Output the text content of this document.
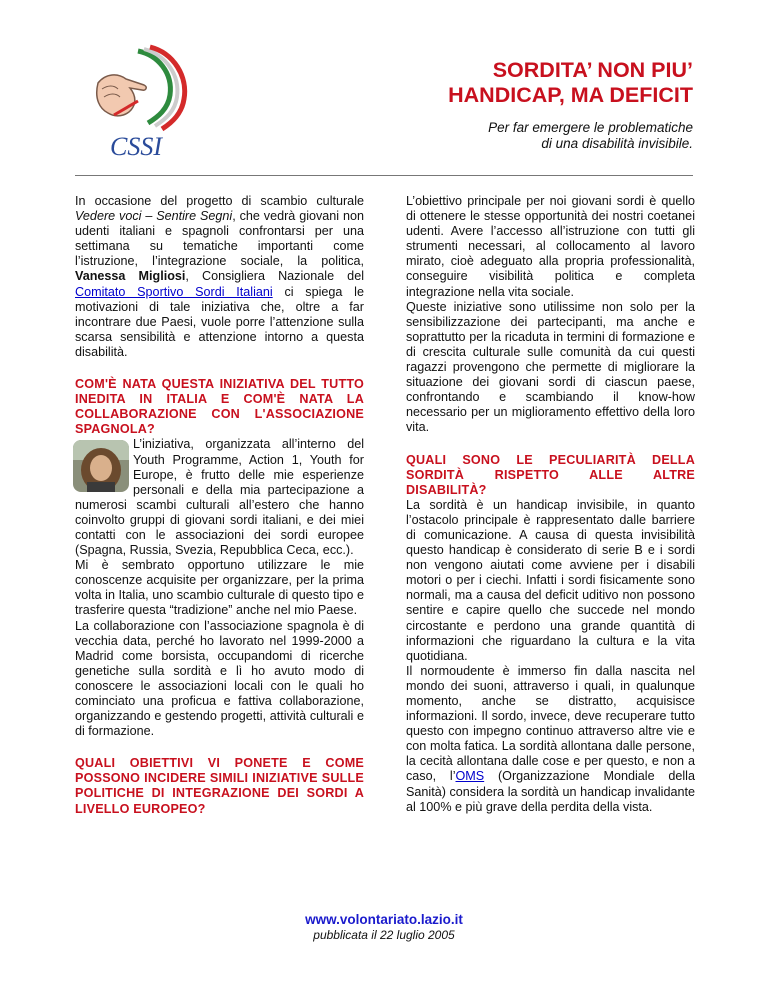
CSSI
SORDITA’ NON PIU’
HANDICAP, MA DEFICIT
Per far emergere le problematiche
di una disabilità invisibile.

In occasione del progetto di scambio culturale Vedere voci – Sentire Segni, che vedrà giovani non udenti italiani e spagnoli confrontarsi per una settimana su tematiche importanti come l’istruzione, l’integrazione sociale, la politica, Vanessa Migliosi, Consigliera Nazionale del Comitato Sportivo Sordi Italiani ci spiega le motivazioni di tale iniziativa che, oltre a far incontrare due Paesi, vuole porre l’attenzione sulla scarsa sensibilità e attenzione intorno a questa disabilità.

COM'È NATA QUESTA INIZIATIVA DEL TUTTO INEDITA IN ITALIA E COM'È NATA LA COLLABORAZIONE CON L'ASSOCIAZIONE SPAGNOLA?

L’iniziativa, organizzata all’interno del Youth Programme, Action 1, Youth for Europe, è frutto delle mie esperienze personali e della mia partecipazione a numerosi scambi culturali all’estero che hanno coinvolto gruppi di giovani sordi italiani, e dei miei contatti con le associazioni dei sordi europee (Spagna, Russia, Svezia, Repubblica Ceca, ecc.).

Mi è sembrato opportuno utilizzare le mie conoscenze acquisite per organizzare, per la prima volta in Italia, uno scambio culturale di questo tipo e trasferire questa “tradizione” anche nel mio Paese.

La collaborazione con l’associazione spagnola è di vecchia data, perché ho lavorato nel 1999-2000 a Madrid come borsista, occupandomi di ricerche genetiche sulla sordità e lì ho avuto modo di conoscere le associazioni locali con le quali ho cominciato una proficua e fattiva collaborazione, organizzando e gestendo progetti, attività culturali e di formazione.

QUALI OBIETTIVI VI PONETE E COME POSSONO INCIDERE SIMILI INIZIATIVE SULLE POLITICHE DI INTEGRAZIONE DEI SORDI A LIVELLO EUROPEO?

L’obiettivo principale per noi giovani sordi è quello di ottenere le stesse opportunità dei nostri coetanei udenti. Avere l’accesso all’istruzione con tutti gli strumenti necessari, al collocamento al lavoro mirato, cioè adeguato alla propria professionalità, conseguire visibilità politica e completa integrazione nella vita sociale.

Queste iniziative sono utilissime non solo per la sensibilizzazione dei partecipanti, ma anche e soprattutto per la ricaduta in termini di formazione e di crescita culturale sulle comunità da cui questi ragazzi provengono che permette di migliorare la situazione dei giovani sordi di ciascun paese, confrontando e scambiando il know-how necessario per un miglioramento effettivo della loro vita.

QUALI SONO LE PECULIARITÀ DELLA SORDITÀ RISPETTO ALLE ALTRE DISABILITÀ?

La sordità è un handicap invisibile, in quanto l’ostacolo principale è rappresentato dalle barriere di comunicazione. A causa di questa invisibilità questo handicap è considerato di serie B e i sordi non vengono aiutati come avviene per i disabili motori o per i ciechi. Infatti i sordi fisicamente sono normali, ma a causa del deficit uditivo non possono sentire e capire quello che succede nel mondo circostante e perdono una grande quantità di informazioni che riguardano la cultura e la vita quotidiana.

Il normoudente è immerso fin dalla nascita nel mondo dei suoni, attraverso i quali, in qualunque momento, anche se distratto, acquisisce informazioni. Il sordo, invece, deve recuperare tutto questo con impegno continuo attraverso altre vie e con molta fatica. La sordità allontana dalle persone, la cecità allontana dalle cose e per questo, e non a caso, l’OMS (Organizzazione Mondiale della Sanità) considera la sordità un handicap invalidante al 100% e più grave della perdita della vista.

www.volontariato.lazio.it
pubblicata il 22 luglio 2005
